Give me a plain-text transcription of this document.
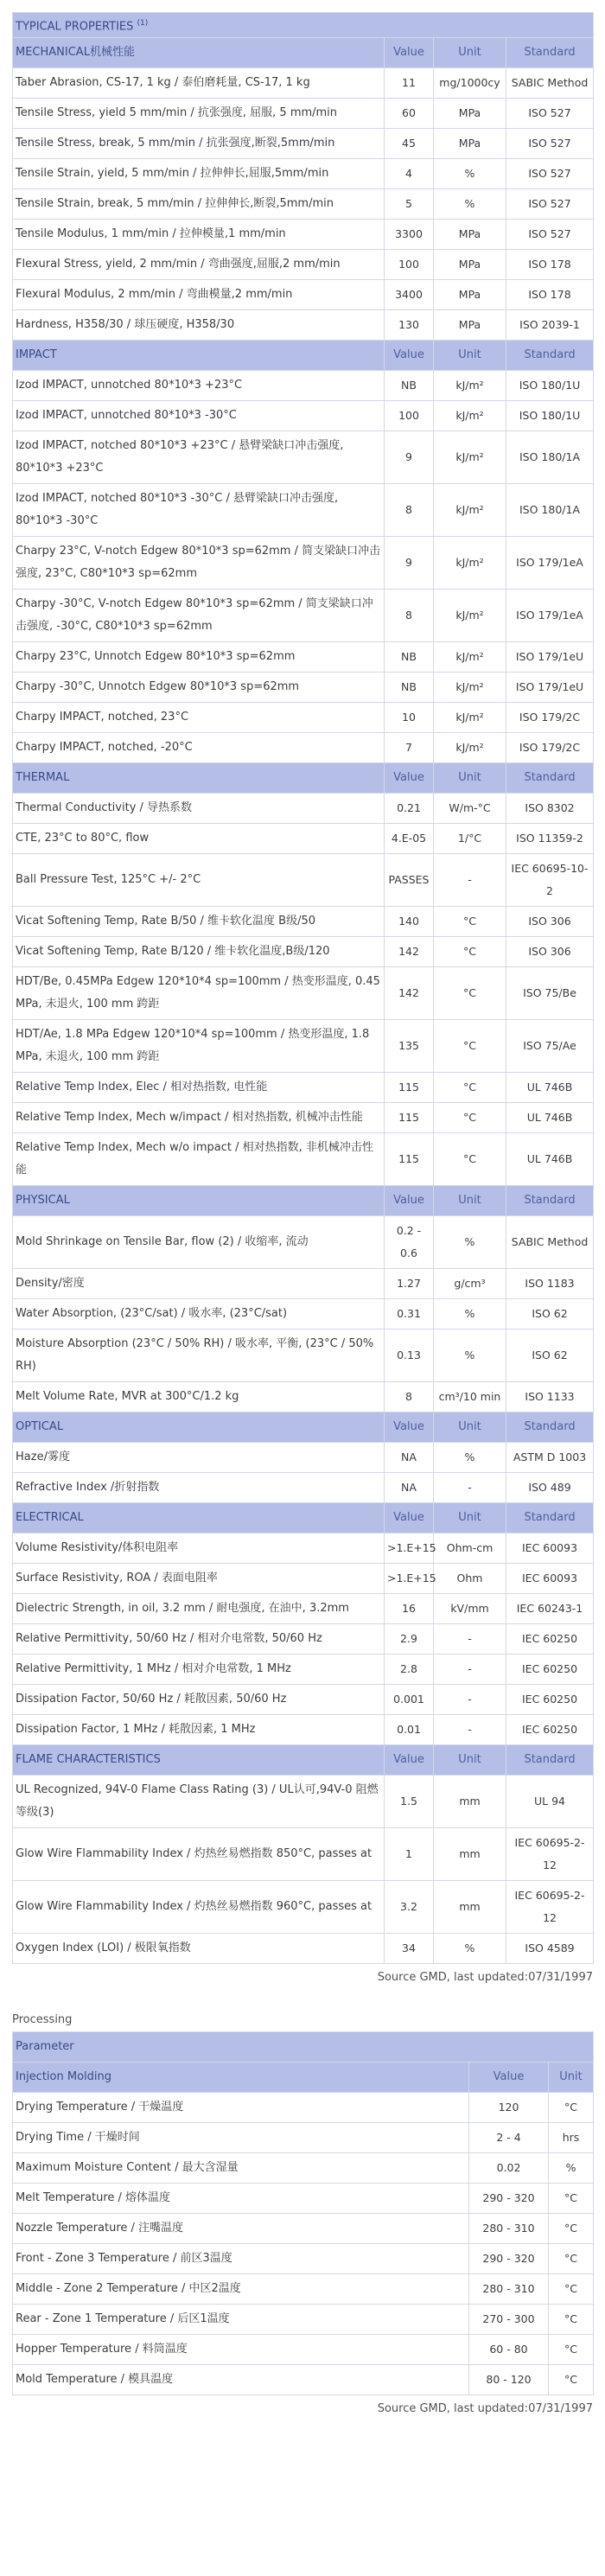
TYPICAL PROPERTIES $^{(1)}$
MECHANICAL机械性能	Value	Unit	Standard
Taber Abrasion, CS-17, 1 kg / 泰伯磨耗量, CS-17, 1 kg	11	mg/1000cy	SABIC Method
Tensile Stress, yield 5 mm/min / 抗张强度, 屈服, 5 mm/min	60	MPa	ISO 527
Tensile Stress, break, 5 mm/min / 抗张强度,断裂,5mm/min	45	MPa	ISO 527
Tensile Strain, yield, 5 mm/min / 拉伸伸长,屈服,5mm/min	4	%	ISO 527
Tensile Strain, break, 5 mm/min / 拉伸伸长,断裂,5mm/min	5	%	ISO 527
Tensile Modulus, 1 mm/min / 拉伸模量,1 mm/min	3300	MPa	ISO 527
Flexural Stress, yield, 2 mm/min / 弯曲强度,屈服,2 mm/min	100	MPa	ISO 178
Flexural Modulus, 2 mm/min / 弯曲模量,2 mm/min	3400	MPa	ISO 178
Hardness, H358/30 / 球压硬度, H358/30	130	MPa	ISO 2039-1
IMPACT	Value	Unit	Standard
Izod IMPACT, unnotched 80*10*3 +23°C	NB	kJ/m²	ISO 180/1U
Izod IMPACT, unnotched 80*10*3 -30°C	100	kJ/m²	ISO 180/1U
Izod IMPACT, notched 80*10*3 +23°C / 悬臂梁缺口冲击强度, 80*10*3 +23°C	9	kJ/m²	ISO 180/1A
Izod IMPACT, notched 80*10*3 -30°C / 悬臂梁缺口冲击强度, 80*10*3 -30°C	8	kJ/m²	ISO 180/1A
Charpy 23°C, V-notch Edgew 80*10*3 sp=62mm / 简支梁缺口冲击强度, 23°C, C80*10*3 sp=62mm	9	kJ/m²	ISO 179/1eA
Charpy -30°C, V-notch Edgew 80*10*3 sp=62mm / 简支梁缺口冲击强度, -30°C, C80*10*3 sp=62mm	8	kJ/m²	ISO 179/1eA
Charpy 23°C, Unnotch Edgew 80*10*3 sp=62mm	NB	kJ/m²	ISO 179/1eU
Charpy -30°C, Unnotch Edgew 80*10*3 sp=62mm	NB	kJ/m²	ISO 179/1eU
Charpy IMPACT, notched, 23°C	10	kJ/m²	ISO 179/2C
Charpy IMPACT, notched, -20°C	7	kJ/m²	ISO 179/2C
THERMAL	Value	Unit	Standard
Thermal Conductivity / 导热系数	0.21	W/m-°C	ISO 8302
CTE, 23°C to 80°C, flow	4.E-05	1/°C	ISO 11359-2
Ball Pressure Test, 125°C +/- 2°C	PASSES	-	IEC 60695-10-2
Vicat Softening Temp, Rate B/50 / 维卡软化温度 B级/50	140	°C	ISO 306
Vicat Softening Temp, Rate B/120 / 维卡软化温度,B级/120	142	°C	ISO 306
HDT/Be, 0.45MPa Edgew 120*10*4 sp=100mm / 热变形温度, 0.45 MPa, 未退火, 100 mm 跨距	142	°C	ISO 75/Be
HDT/Ae, 1.8 MPa Edgew 120*10*4 sp=100mm / 热变形温度, 1.8 MPa, 未退火, 100 mm 跨距	135	°C	ISO 75/Ae
Relative Temp Index, Elec / 相对热指数, 电性能	115	°C	UL 746B
Relative Temp Index, Mech w/impact / 相对热指数, 机械冲击性能	115	°C	UL 746B
Relative Temp Index, Mech w/o impact / 相对热指数, 非机械冲击性能	115	°C	UL 746B
PHYSICAL	Value	Unit	Standard
Mold Shrinkage on Tensile Bar, flow (2) / 收缩率, 流动	0.2 - 0.6	%	SABIC Method
Density/密度	1.27	g/cm³	ISO 1183
Water Absorption, (23°C/sat) / 吸水率, (23°C/sat)	0.31	%	ISO 62
Moisture Absorption (23°C / 50% RH) / 吸水率, 平衡, (23°C / 50% RH)	0.13	%	ISO 62
Melt Volume Rate, MVR at 300°C/1.2 kg	8	cm³/10 min	ISO 1133
OPTICAL	Value	Unit	Standard
Haze/雾度	NA	%	ASTM D 1003
Refractive Index /折射指数	NA	-	ISO 489
ELECTRICAL	Value	Unit	Standard
Volume Resistivity/体积电阻率	>1.E+15	Ohm-cm	IEC 60093
Surface Resistivity, ROA / 表面电阻率	>1.E+15	Ohm	IEC 60093
Dielectric Strength, in oil, 3.2 mm / 耐电强度, 在油中, 3.2mm	16	kV/mm	IEC 60243-1
Relative Permittivity, 50/60 Hz / 相对介电常数, 50/60 Hz	2.9	-	IEC 60250
Relative Permittivity, 1 MHz / 相对介电常数, 1 MHz	2.8	-	IEC 60250
Dissipation Factor, 50/60 Hz / 耗散因素, 50/60 Hz	0.001	-	IEC 60250
Dissipation Factor, 1 MHz / 耗散因素, 1 MHz	0.01	-	IEC 60250
FLAME CHARACTERISTICS	Value	Unit	Standard
UL Recognized, 94V-0 Flame Class Rating (3) / UL认可,94V-0 阻燃等级(3)	1.5	mm	UL 94
Glow Wire Flammability Index / 灼热丝易燃指数 850°C, passes at	1	mm	IEC 60695-2-12
Glow Wire Flammability Index / 灼热丝易燃指数 960°C, passes at	3.2	mm	IEC 60695-2-12
Oxygen Index (LOI) / 极限氧指数	34	%	ISO 4589
Source GMD, last updated:07/31/1997
Processing
Parameter		
Injection Molding	Value	Unit
Drying Temperature / 干燥温度	120	°C
Drying Time / 干燥时间	2 - 4	hrs
Maximum Moisture Content / 最大含湿量	0.02	%
Melt Temperature / 熔体温度	290 - 320	°C
Nozzle Temperature / 注嘴温度	280 - 310	°C
Front - Zone 3 Temperature / 前区3温度	290 - 320	°C
Middle - Zone 2 Temperature / 中区2温度	280 - 310	°C
Rear - Zone 1 Temperature / 后区1温度	270 - 300	°C
Hopper Temperature / 料筒温度	60 - 80	°C
Mold Temperature / 模具温度	80 - 120	°C
Source GMD, last updated:07/31/1997
